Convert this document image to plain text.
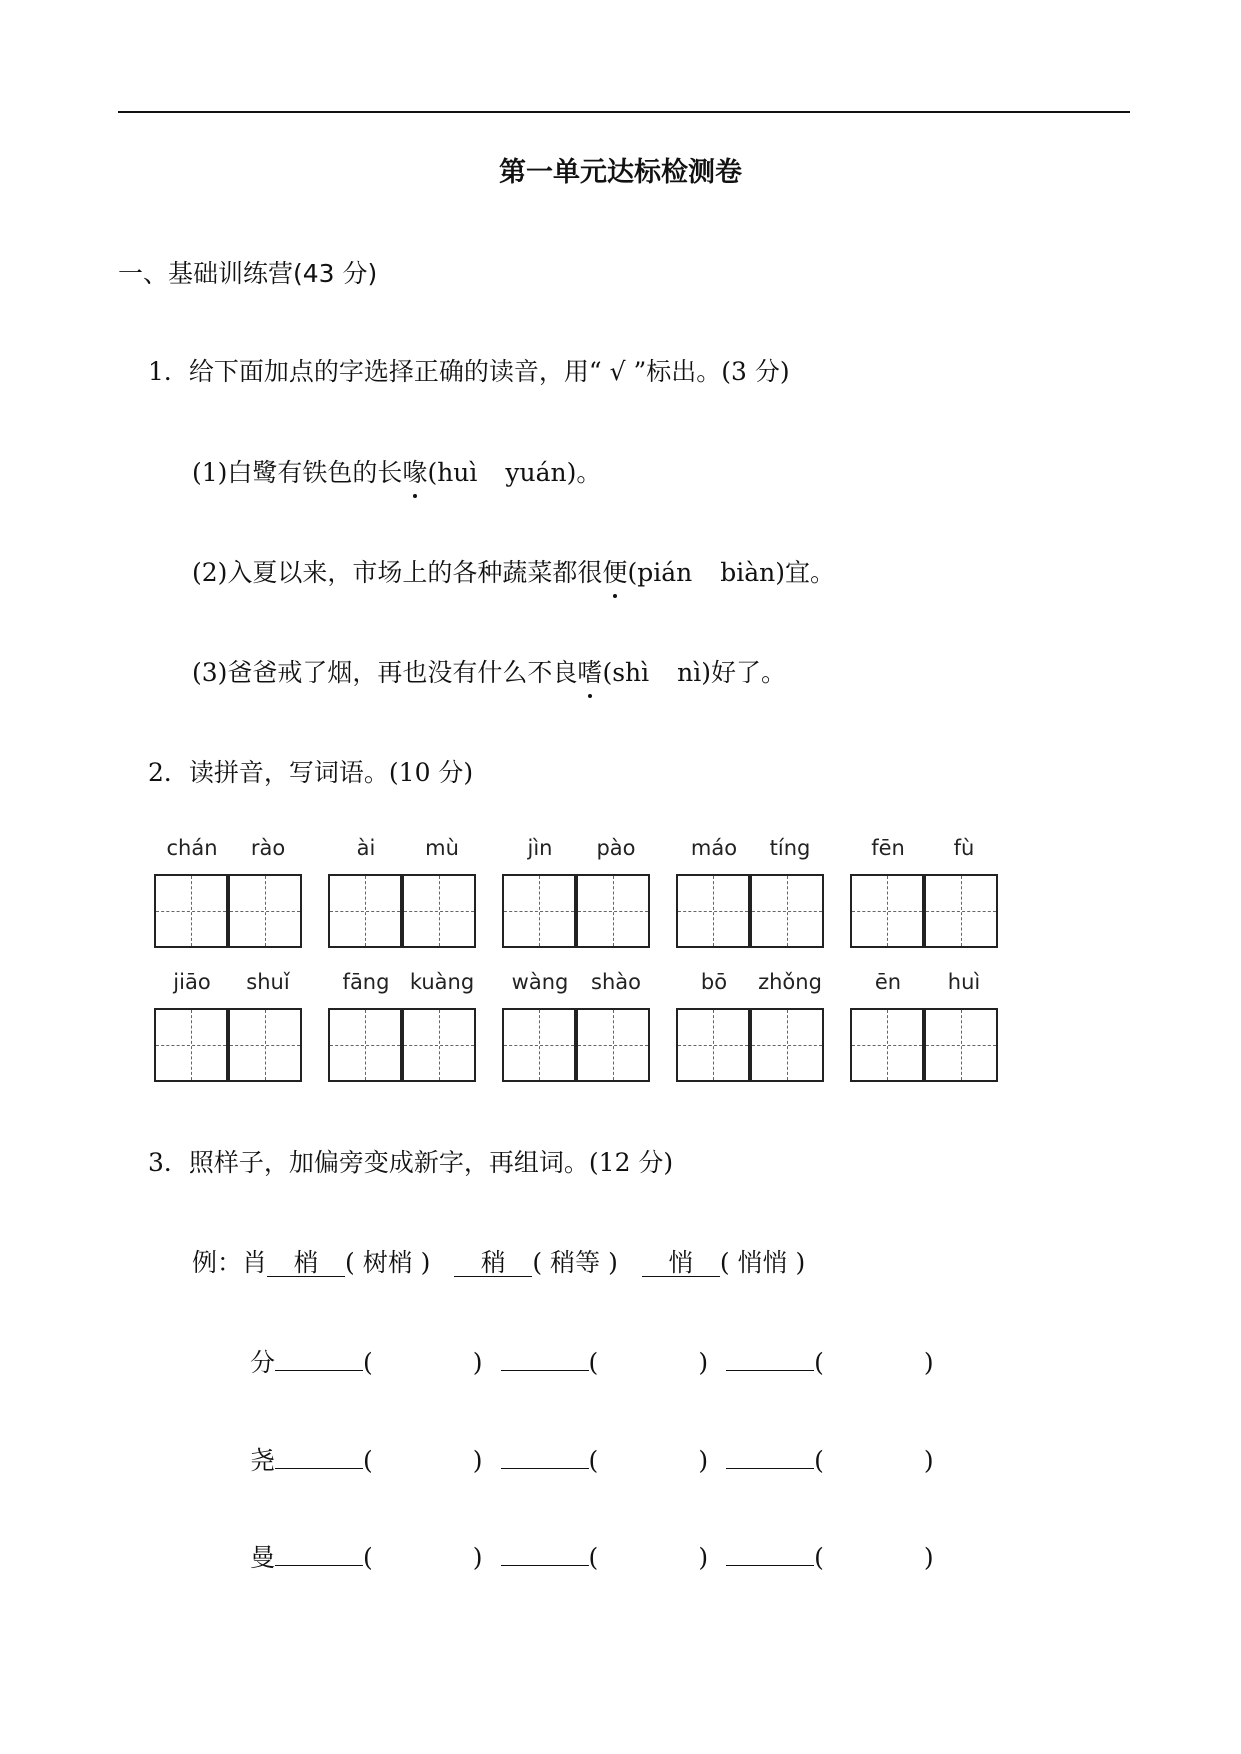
第一单元达标检测卷
一、基础训练营(43 分)
1．给下面加点的字选择正确的读音，用“ √ ”标出。(3 分)
(1)白鹭有铁色的长喙(huì yuán)。
(2)入夏以来，市场上的各种蔬菜都很便(pián biàn)宜。
(3)爸爸戒了烟，再也没有什么不良嗜(shì nì)好了。
2．读拼音，写词语。(10 分)
chán	rào	ài	mù	jìn	pào	máo	tíng	fēn	fù
jiāo	shuǐ	fāng kuàng	wàng	shào	bō	zhǒng	ēn	huì
3．照样子，加偏旁变成新字，再组词。(12 分)
例：肖 梢 ( 树梢 ) 稍 ( 稍等 ) 悄 ( 悄悄 )
分	(	)	(	)	(	)
尧	(	)	(	)	(	)
曼	(	)	(	)	(	)
